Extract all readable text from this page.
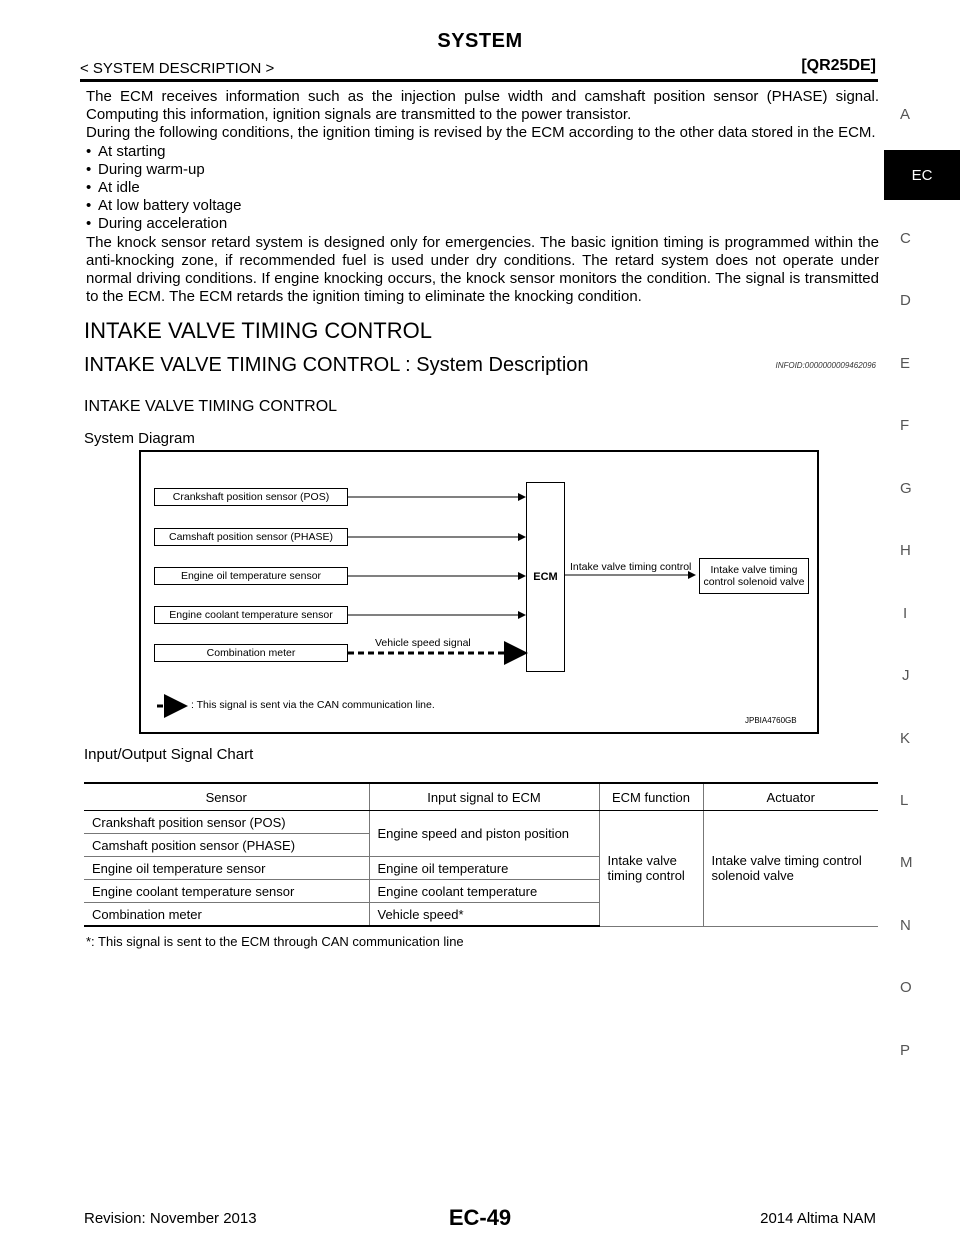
SYSTEM
< SYSTEM DESCRIPTION >	[QR25DE]

The ECM receives information such as the injection pulse width and camshaft position sensor (PHASE) signal. Computing this information, ignition signals are transmitted to the power transistor.

During the following conditions, the ignition timing is revised by the ECM according to the other data stored in the ECM.

• At starting
• During warm-up
• At idle
• At low battery voltage
• During acceleration

The knock sensor retard system is designed only for emergencies. The basic ignition timing is programmed within the anti-knocking zone, if recommended fuel is used under dry conditions. The retard system does not operate under normal driving conditions. If engine knocking occurs, the knock sensor monitors the condition. The signal is transmitted to the ECM. The ECM retards the ignition timing to eliminate the knocking condition.

INTAKE VALVE TIMING CONTROL
INTAKE VALVE TIMING CONTROL : System Description	INFOID:0000000009462096
INTAKE VALVE TIMING CONTROL
System Diagram
Crankshaft position sensor (POS)
Camshaft position sensor (PHASE)
Engine oil temperature sensor
Engine coolant temperature sensor
Combination meter
ECM
Intake valve timing
control solenoid valve
Intake valve timing control
Vehicle speed signal
: This signal is sent via the CAN communication line.
JPBIA4760GB
Input/Output Signal Chart
Sensor	Input signal to ECM	ECM function	Actuator
Crankshaft position sensor (POS)	Engine speed and piston position	Intake valve timing control	Intake valve timing control solenoid valve
Camshaft position sensor (PHASE)			
Engine oil temperature sensor	Engine oil temperature		
Engine coolant temperature sensor	Engine coolant temperature		
Combination meter	Vehicle speed*		
*: This signal is sent to the ECM through CAN communication line
A
EC
C
D
E
F
G
H
I
J
K
L
M
N
O
P
Revision: November 2013	EC-49	2014 Altima NAM
